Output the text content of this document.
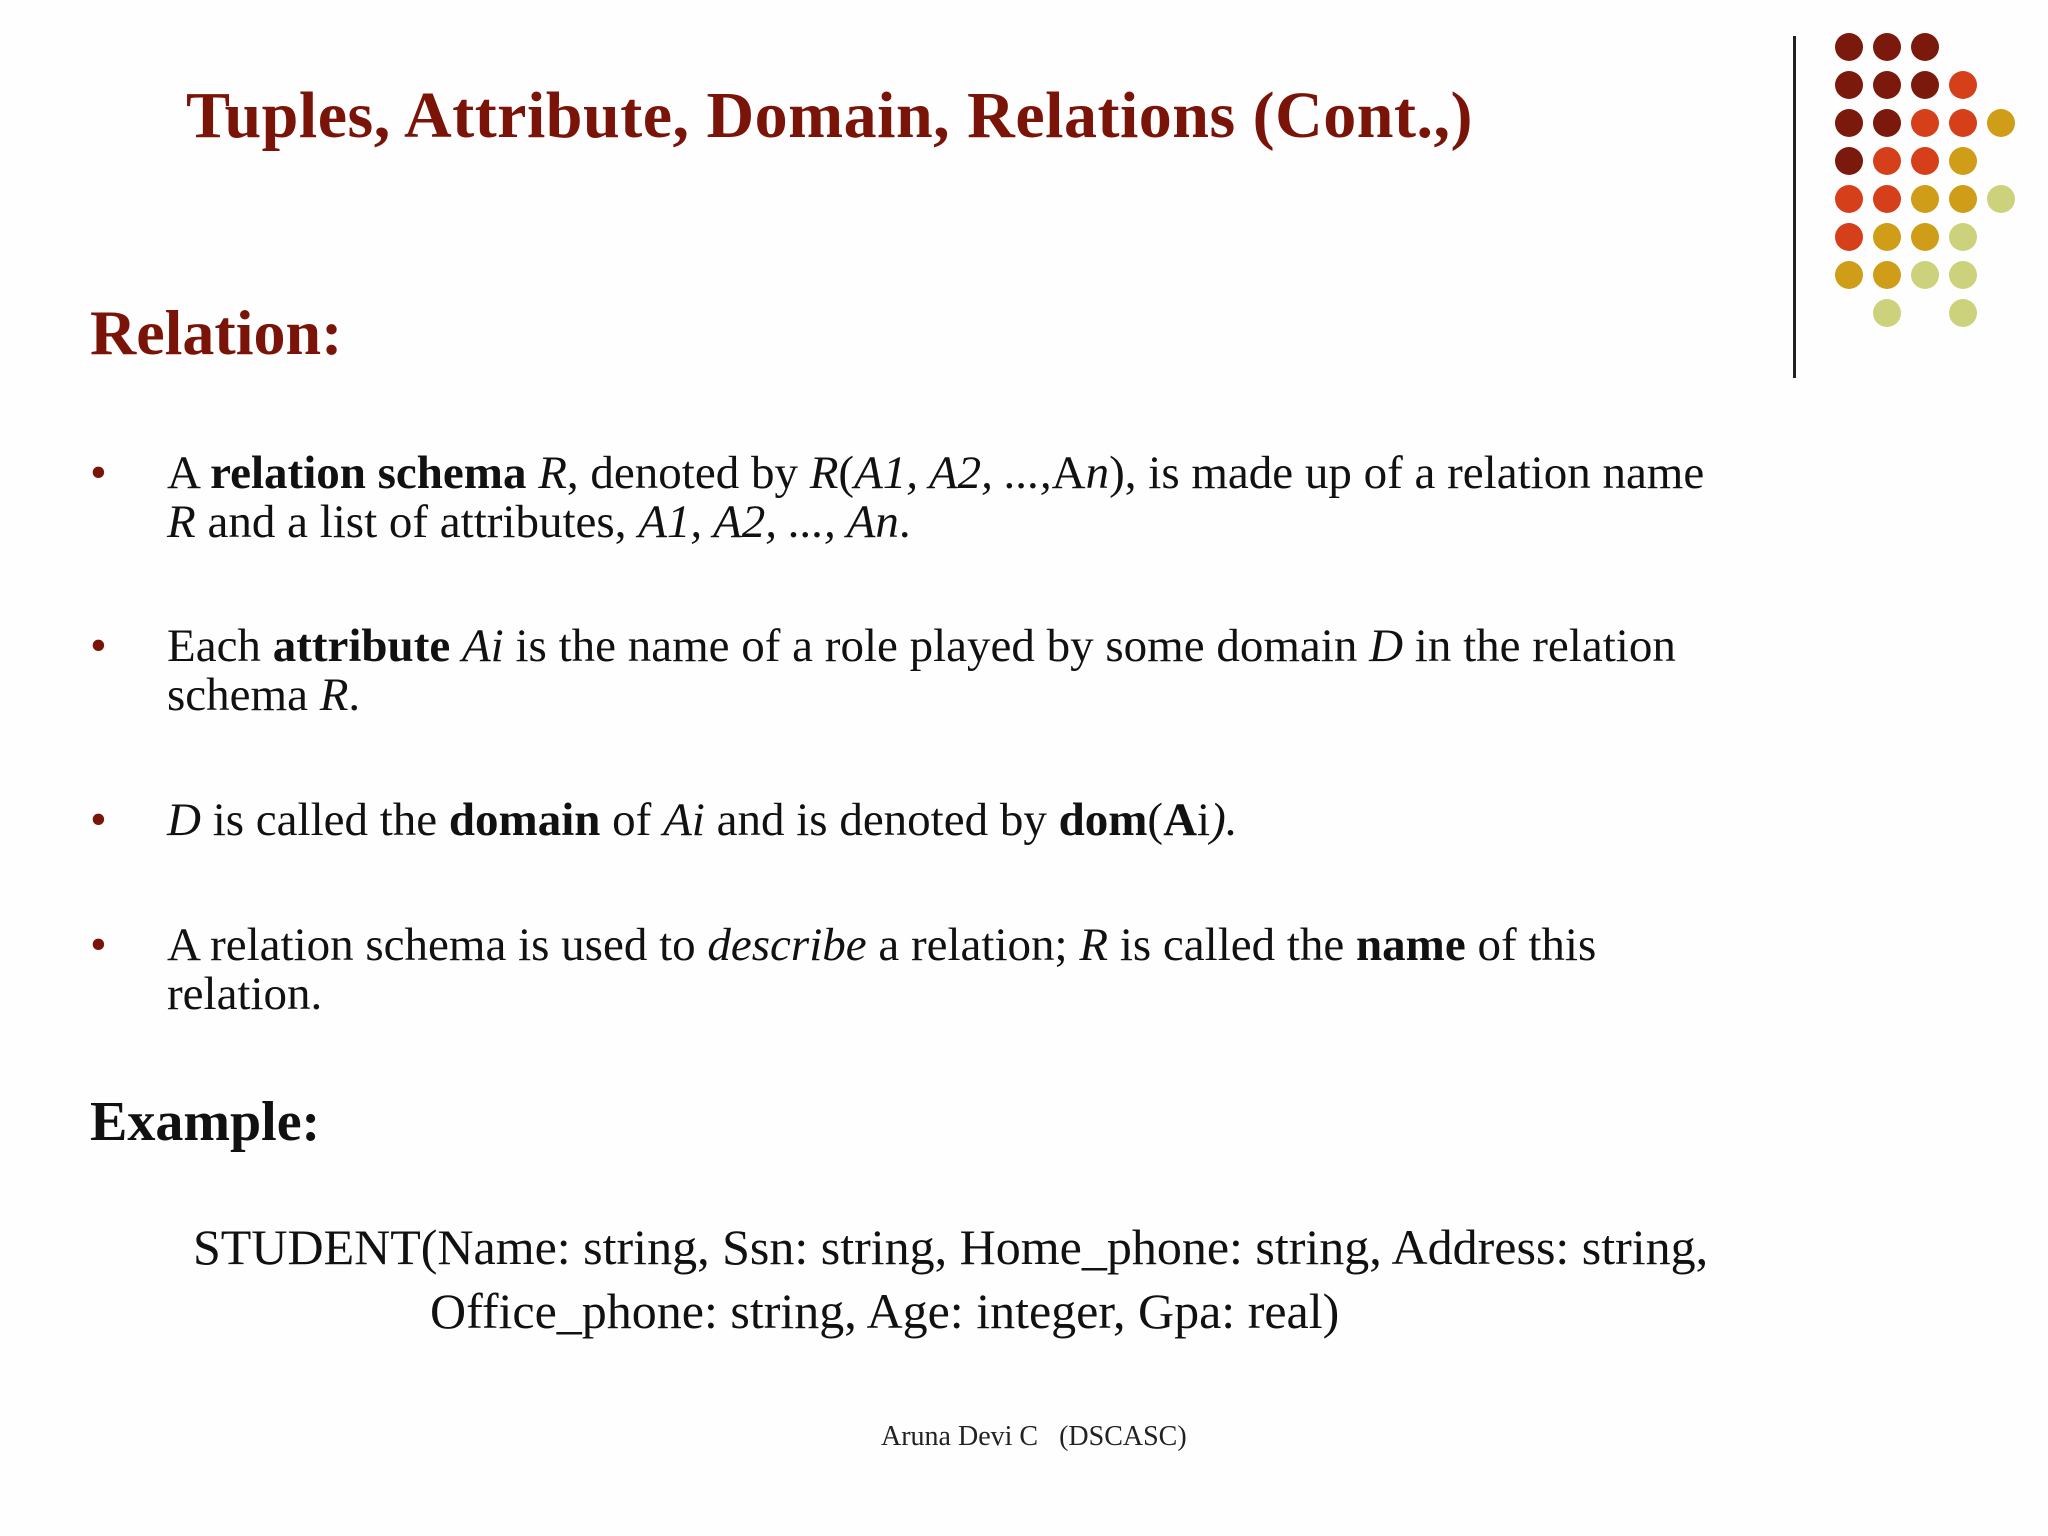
Tuples, Attribute, Domain, Relations (Cont.,)
Relation:
• A relation schema R, denoted by R(A1, A2, ...,An), is made up of a relation name
R and a list of attributes, A1, A2, ..., An.
• Each attribute Ai is the name of a role played by some domain D in the relation
schema R.
• D is called the domain of Ai and is denoted by dom(Ai).
• A relation schema is used to describe a relation; R is called the name of this
relation.
Example:
STUDENT(Name: string, Ssn: string, Home_phone: string, Address: string,
Office_phone: string, Age: integer, Gpa: real)
Aruna Devi C   (DSCASC)
